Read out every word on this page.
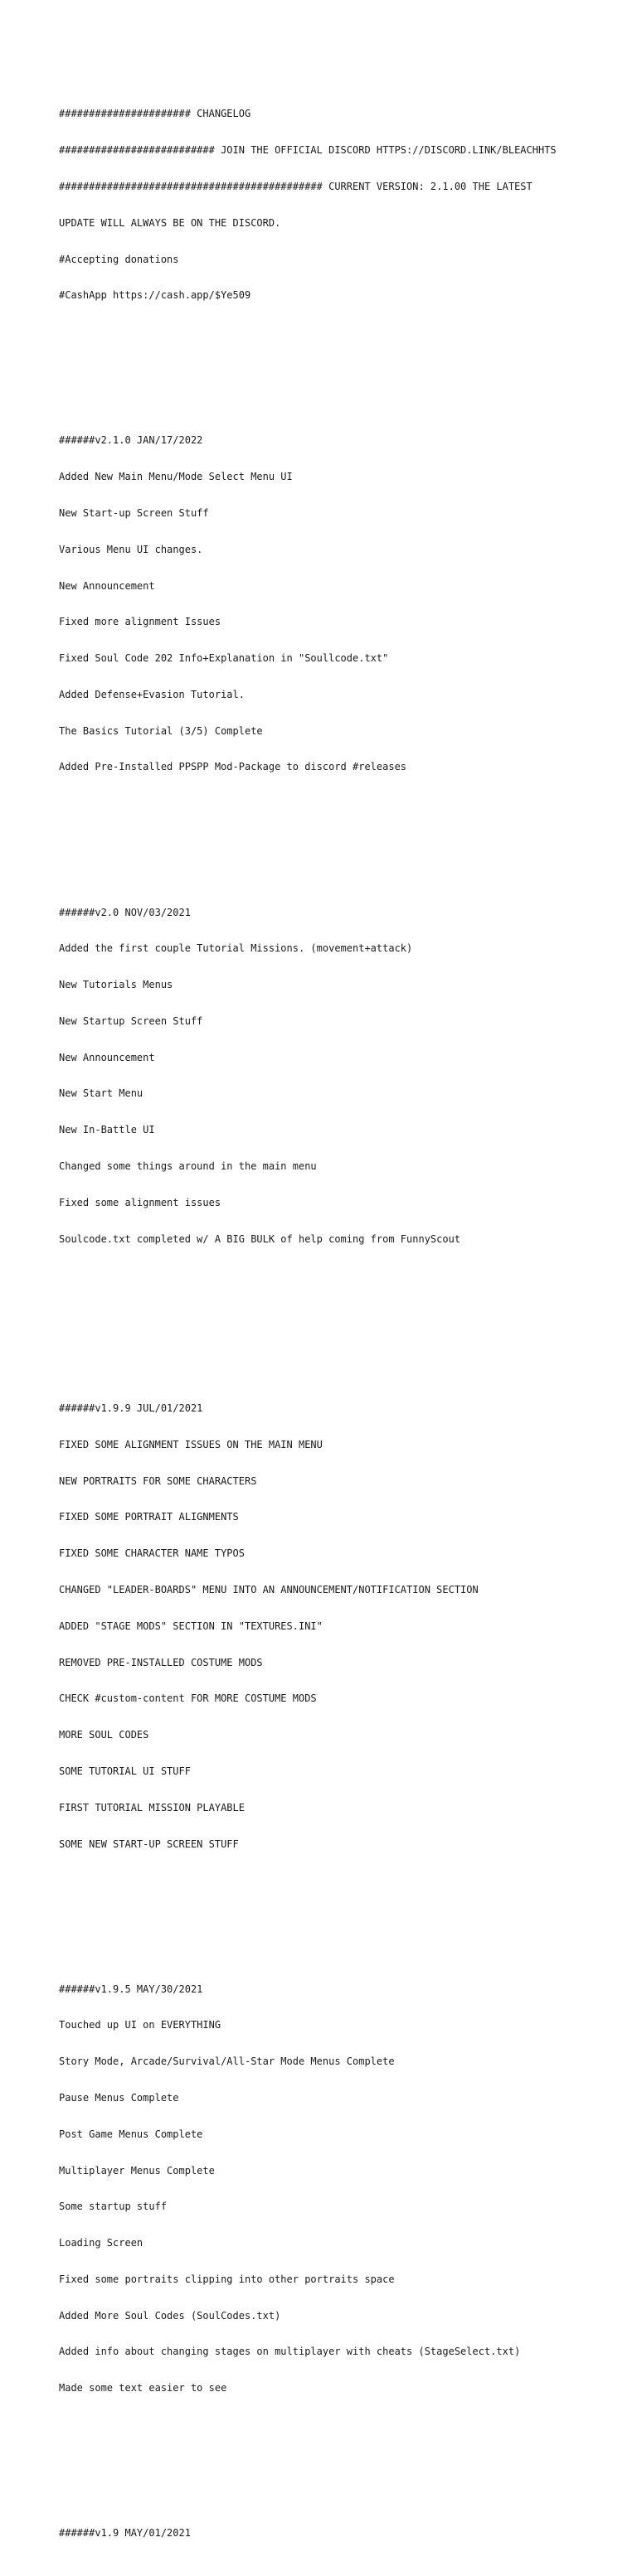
###################### CHANGELOG

########################## JOIN THE OFFICIAL DISCORD HTTPS://DISCORD.LINK/BLEACHHTS

############################################ CURRENT VERSION: 2.1.00 THE LATEST

UPDATE WILL ALWAYS BE ON THE DISCORD.

#Accepting donations

#CashApp https://cash.app/$Ye509

######v2.1.0 JAN/17/2022

Added New Main Menu/Mode Select Menu UI

New Start-up Screen Stuff

Various Menu UI changes.

New Announcement

Fixed more alignment Issues

Fixed Soul Code 202 Info+Explanation in "Soullcode.txt"

Added Defense+Evasion Tutorial.

The Basics Tutorial (3/5) Complete

Added Pre-Installed PPSPP Mod-Package to discord #releases

######v2.0 NOV/03/2021

Added the first couple Tutorial Missions. (movement+attack)

New Tutorials Menus

New Startup Screen Stuff

New Announcement

New Start Menu

New In-Battle UI

Changed some things around in the main menu

Fixed some alignment issues

Soulcode.txt completed w/ A BIG BULK of help coming from FunnyScout

######v1.9.9 JUL/01/2021

FIXED SOME ALIGNMENT ISSUES ON THE MAIN MENU

NEW PORTRAITS FOR SOME CHARACTERS

FIXED SOME PORTRAIT ALIGNMENTS

FIXED SOME CHARACTER NAME TYPOS

CHANGED "LEADER-BOARDS" MENU INTO AN ANNOUNCEMENT/NOTIFICATION SECTION

ADDED "STAGE MODS" SECTION IN "TEXTURES.INI"

REMOVED PRE-INSTALLED COSTUME MODS

CHECK #custom-content FOR MORE COSTUME MODS

MORE SOUL CODES

SOME TUTORIAL UI STUFF

FIRST TUTORIAL MISSION PLAYABLE

SOME NEW START-UP SCREEN STUFF

######v1.9.5 MAY/30/2021

Touched up UI on EVERYTHING

Story Mode, Arcade/Survival/All-Star Mode Menus Complete

Pause Menus Complete

Post Game Menus Complete

Multiplayer Menus Complete

Some startup stuff

Loading Screen

Fixed some portraits clipping into other portraits space

Added More Soul Codes (SoulCodes.txt)

Added info about changing stages on multiplayer with cheats (StageSelect.txt)

Made some text easier to see

######v1.9 MAY/01/2021
